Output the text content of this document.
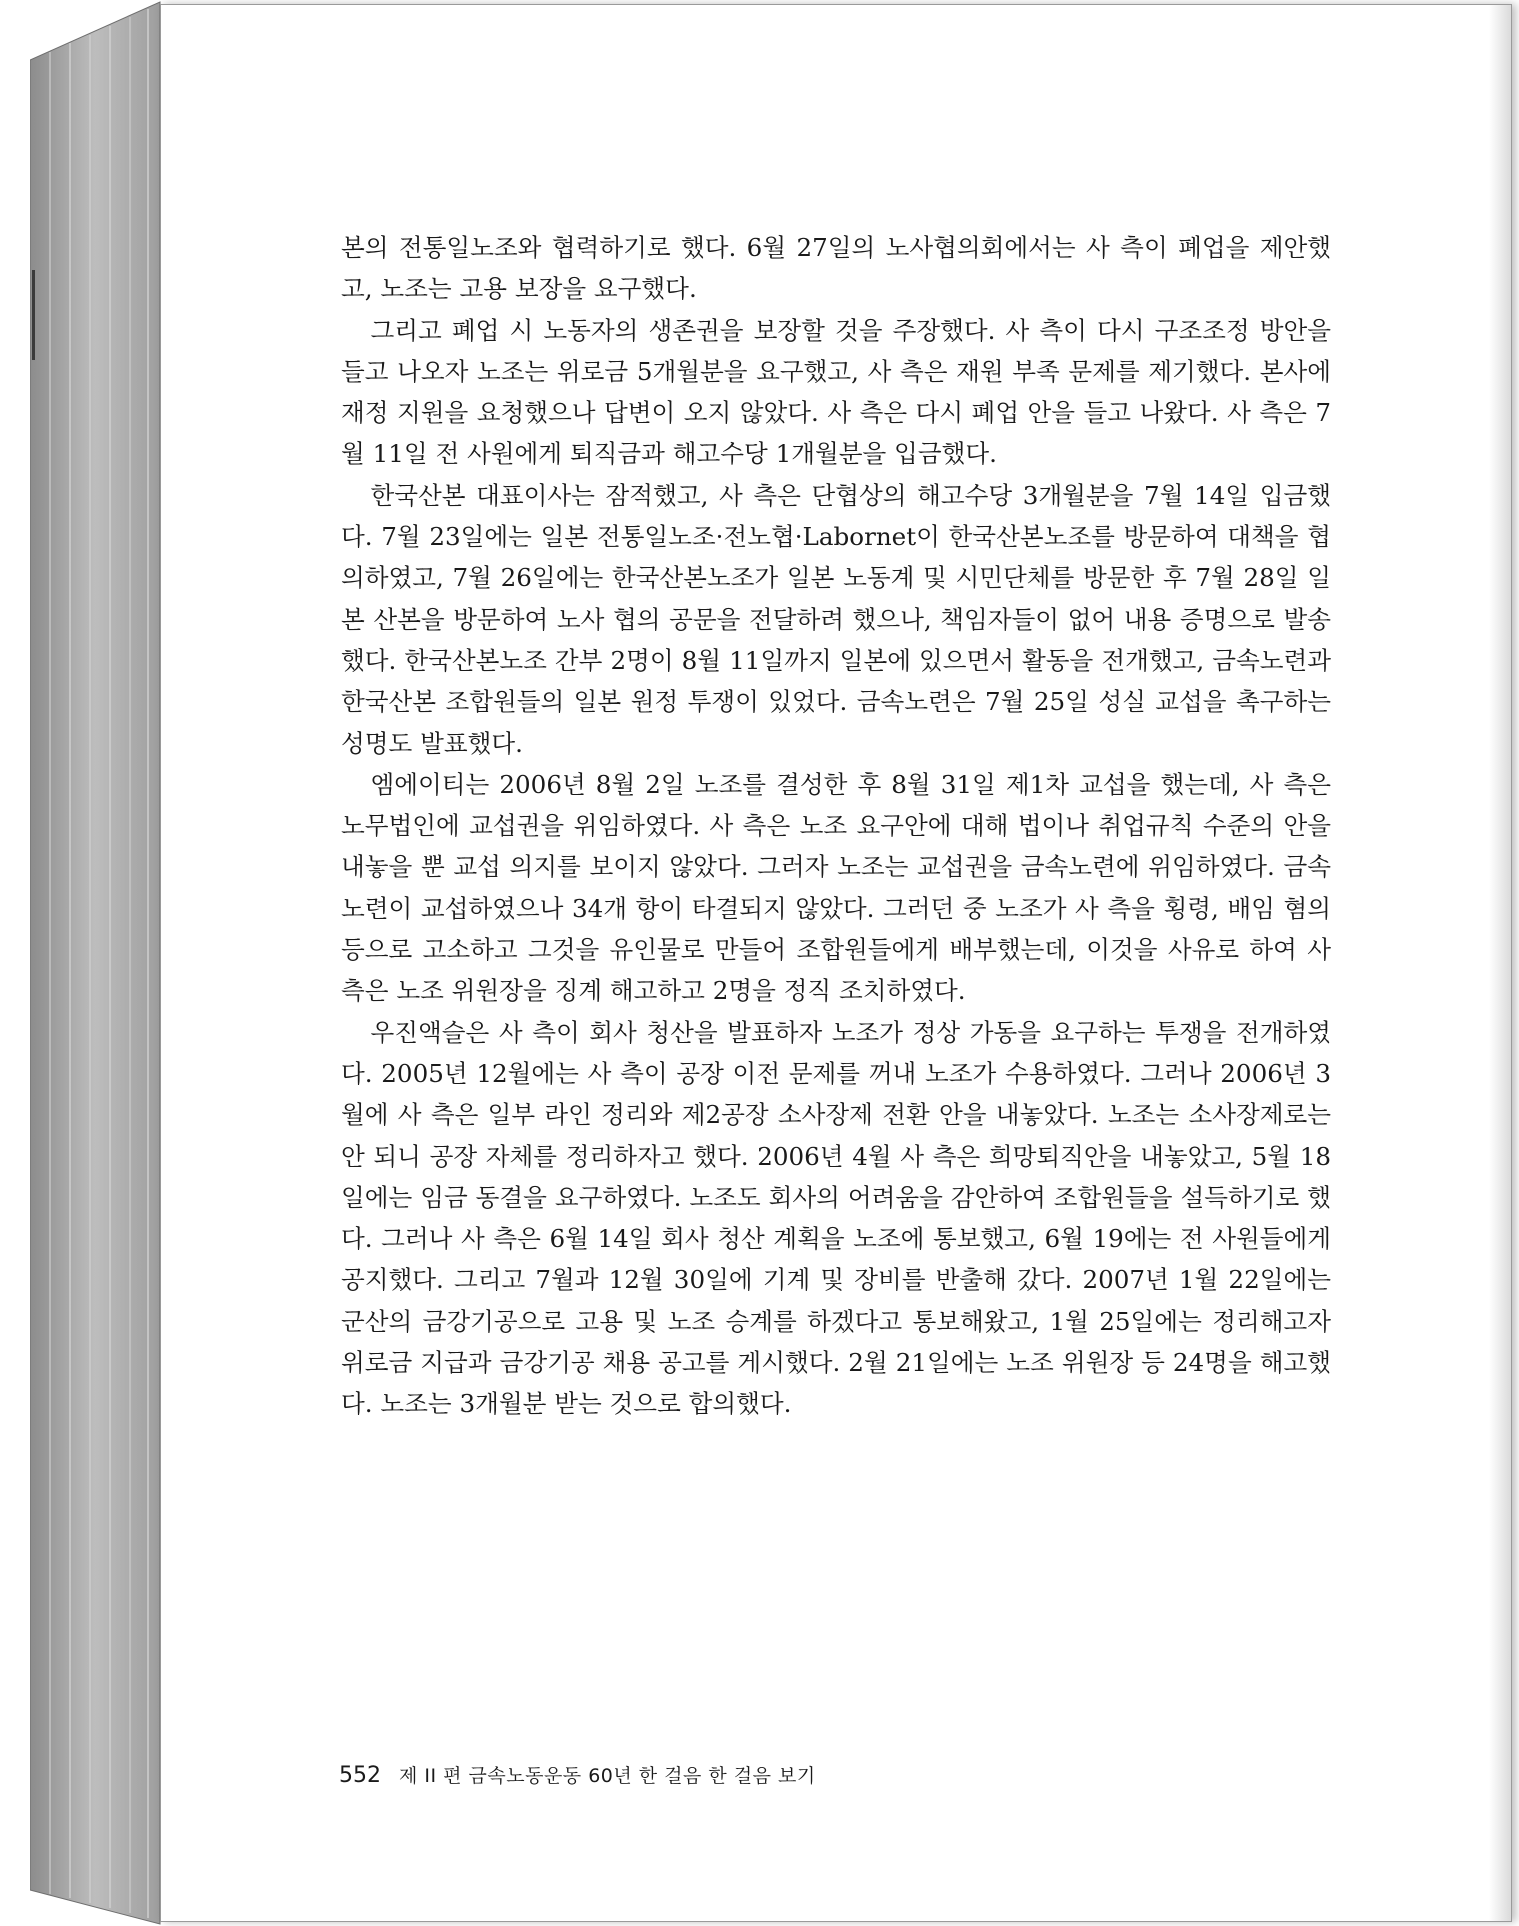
본의 전통일노조와 협력하기로 했다. 6월 27일의 노사협의회에서는 사 측이 폐업을 제안했고, 노조는 고용 보장을 요구했다.

그리고 폐업 시 노동자의 생존권을 보장할 것을 주장했다. 사 측이 다시 구조조정 방안을 들고 나오자 노조는 위로금 5개월분을 요구했고, 사 측은 재원 부족 문제를 제기했다. 본사에 재정 지원을 요청했으나 답변이 오지 않았다. 사 측은 다시 폐업 안을 들고 나왔다. 사 측은 7월 11일 전 사원에게 퇴직금과 해고수당 1개월분을 입금했다.

한국산본 대표이사는 잠적했고, 사 측은 단협상의 해고수당 3개월분을 7월 14일 입금했다. 7월 23일에는 일본 전통일노조·전노협·Labornet이 한국산본노조를 방문하여 대책을 협의하였고, 7월 26일에는 한국산본노조가 일본 노동계 및 시민단체를 방문한 후 7월 28일 일본 산본을 방문하여 노사 협의 공문을 전달하려 했으나, 책임자들이 없어 내용 증명으로 발송했다. 한국산본노조 간부 2명이 8월 11일까지 일본에 있으면서 활동을 전개했고, 금속노련과 한국산본 조합원들의 일본 원정 투쟁이 있었다. 금속노련은 7월 25일 성실 교섭을 촉구하는 성명도 발표했다.

엠에이티는 2006년 8월 2일 노조를 결성한 후 8월 31일 제1차 교섭을 했는데, 사 측은 노무법인에 교섭권을 위임하였다. 사 측은 노조 요구안에 대해 법이나 취업규칙 수준의 안을 내놓을 뿐 교섭 의지를 보이지 않았다. 그러자 노조는 교섭권을 금속노련에 위임하였다. 금속노련이 교섭하였으나 34개 항이 타결되지 않았다. 그러던 중 노조가 사 측을 횡령, 배임 혐의 등으로 고소하고 그것을 유인물로 만들어 조합원들에게 배부했는데, 이것을 사유로 하여 사 측은 노조 위원장을 징계 해고하고 2명을 정직 조치하였다.

우진액슬은 사 측이 회사 청산을 발표하자 노조가 정상 가동을 요구하는 투쟁을 전개하였다. 2005년 12월에는 사 측이 공장 이전 문제를 꺼내 노조가 수용하였다. 그러나 2006년 3월에 사 측은 일부 라인 정리와 제2공장 소사장제 전환 안을 내놓았다. 노조는 소사장제로는 안 되니 공장 자체를 정리하자고 했다. 2006년 4월 사 측은 희망퇴직안을 내놓았고, 5월 18일에는 임금 동결을 요구하였다. 노조도 회사의 어려움을 감안하여 조합원들을 설득하기로 했다. 그러나 사 측은 6월 14일 회사 청산 계획을 노조에 통보했고, 6월 19에는 전 사원들에게 공지했다. 그리고 7월과 12월 30일에 기계 및 장비를 반출해 갔다. 2007년 1월 22일에는 군산의 금강기공으로 고용 및 노조 승계를 하겠다고 통보해왔고, 1월 25일에는 정리해고자 위로금 지급과 금강기공 채용 공고를 게시했다. 2월 21일에는 노조 위원장 등 24명을 해고했다. 노조는 3개월분 받는 것으로 합의했다.

552 제 II 편 금속노동운동 60년 한 걸음 한 걸음 보기
